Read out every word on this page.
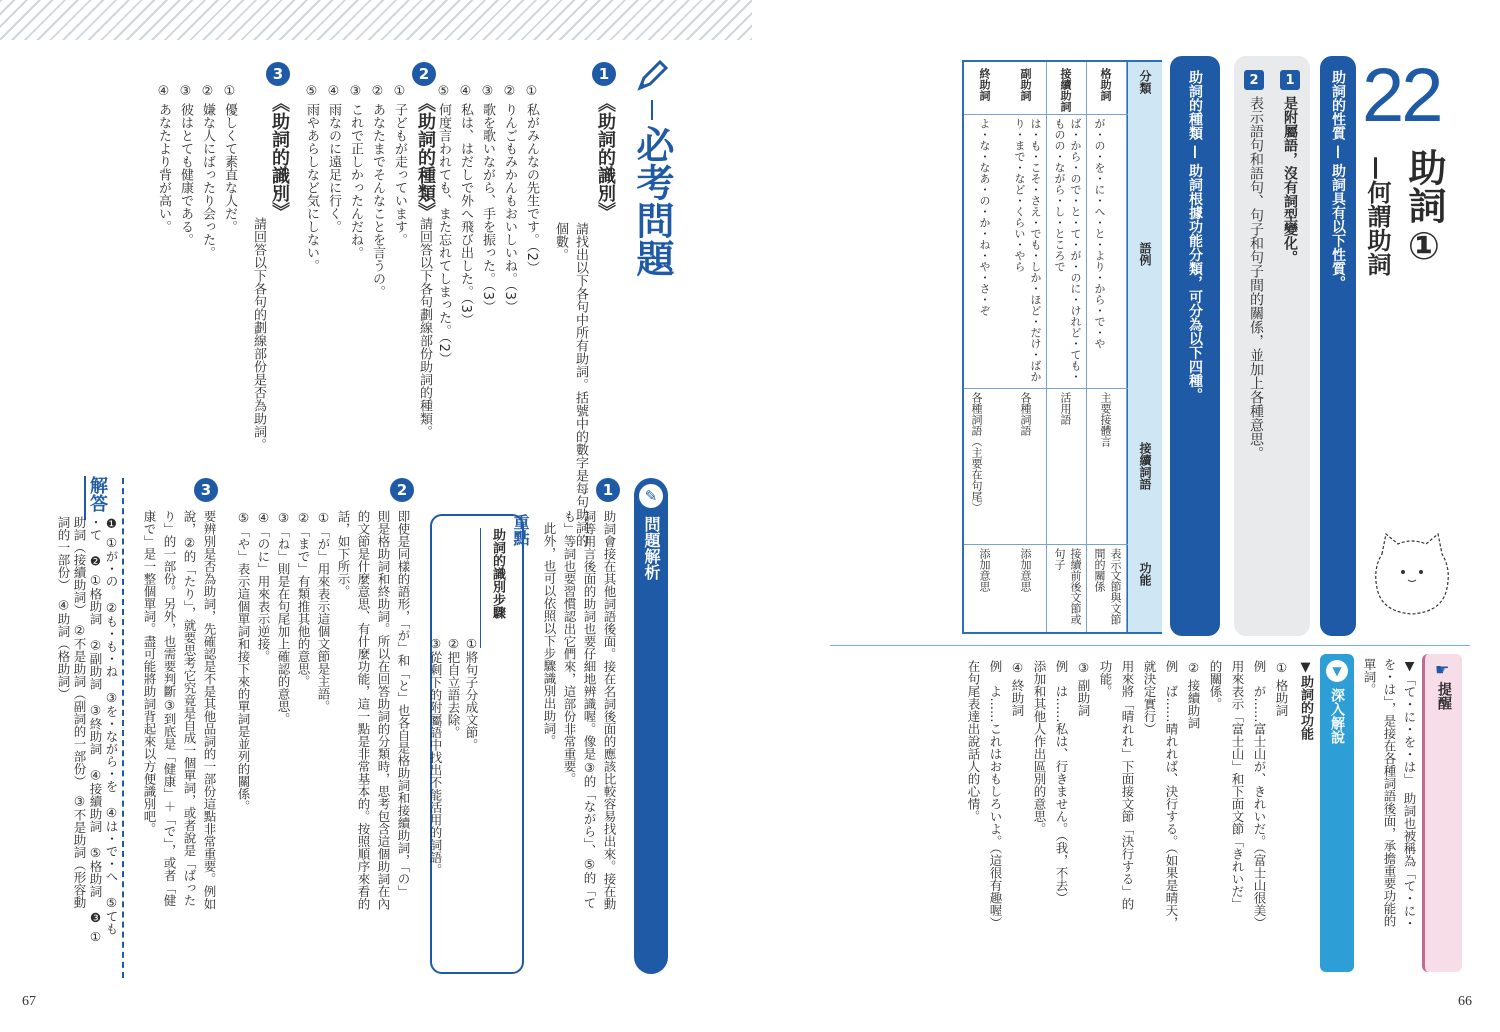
必考問題
1
《助詞的識別》
請找出以下各句中所有助詞。括號中的數字是每句助詞的個數。
① 私がみんなの先生です。（2）
② りんごもみかんもおいしいね。（3）
③ 歌を歌いながら、手を振った。（3）
④ 私は、はだしで外へ飛び出した。（3）
⑤ 何度言われても、また忘れてしまった。（2）
2
《助詞的種類》
請回答以下各句劃線部份助詞的種類。
① 子どもが走っています。
② あなたまでそんなことを言うの。
③ これで正しかったんだね。
④ 雨なのに遠足に行く。
⑤ 雨やあらしなど気にしない。
3
《助詞的識別》
請回答以下各句的劃線部份是否為助詞。
① 優しくて素直な人だ。
② 嫌な人にばったり会った。
③ 彼はとても健康である。
④ あなたより背が高い。
✎
問題解析
1
助詞會接在其他詞語後面。接在名詞後面的應該比較容易找出來。接在動
詞等用言後面的助詞也要仔細地辨識喔。像是③的「ながら」、⑤的「て
も」等詞也要習慣認出它們來，這部份非常重要。
此外，也可以依照以下步驟識別出助詞。
重點
助詞的識別步驟
①將句子分成文節。
②把自立語去除。
③從剩下的附屬語中找出不能活用的詞語。
2
即使是同樣的語形，「が」和「と」也各自是格助詞和接續助詞，「の」
則是格助詞和終助詞。所以在回答助詞的分類時，思考包含這個助詞在內
的文節是什麼意思、有什麼功能，這一點是非常基本的。按照順序來看的
話，如下所示。
①「が」用來表示這個文節是主語。
②「まで」有類推其他的意思。
③「ね」則是在句尾加上確認的意思。
④「のに」用來表示逆接。
⑤「や」表示這個單詞和接下來的單詞是並列的關係。
3
要辨別是否為助詞，先確認是不是其他品詞的一部份這點非常重要。例如
說，②的「たり」，就要思考它究竟是自成一個單詞，或者說是「ばった
り」的一部份。另外，也需要判斷③到底是「健康」＋「で」，或者「健
康で」是一整個單詞。盡可能將助詞背起來以方便識別吧。
解答
❶ ①が・の　②も・も・ね　③を・ながら・を　④は・で・へ　⑤ても
・て　❷ ①格助詞　②副助詞　③終助詞　④接續助詞　⑤格助詞　❸ ①
助詞（接續助詞）　②不是助詞（副詞的一部份）　③不是助詞（形容動
詞的一部份）　④助詞（格助詞）
67
22
助詞①
—何謂助詞
助詞的性質 — 助詞具有以下性質。
1
是附屬語，沒有詞型變化。
2
表示語句和語句、句子和句子間的關係，並加上各種意思。
助詞的種類 — 助詞根據功能分類，可分為以下四種。
分類
語例
接續詞語
功能
格助詞
が・の・を・に・へ・と・より・から・で・や
主要接體言
表示文節與文節間的關係
接續助詞
ば・から・ので・と・て・が・のに・けれど・ても・ものの・ながら・し・ところで
活用語
接續前後文節或句子
副助詞
は・も・こそ・さえ・でも・しか・ほど・だけ・ばかり・まで・など・くらい・やら
各種詞語
添加意思
終助詞
よ・な・なあ・の・か・ね・や・さ・ぞ
各種詞語（主要在句尾）
添加意思
☛
提醒
▼「て・に・を・は」　助詞也被稱為「て・に・
を・は」，是接在各種詞語後面，承擔重要功能的
單詞。
▼
深入解說
▼助詞的功能
① 格助詞
例　が……富士山が、きれいだ。（富士山很美）
用來表示「富士山」和下面文節「きれいだ」
的關係。
② 接續助詞
例　ば……晴れれば、決行する。（如果是晴天，
就決定實行）
用來將「晴れれ」下面接文節「決行する」的
功能。
③ 副助詞
例　は……私は、行きません。（我，不去）
添加和其他人作出區別的意思。
④ 終助詞
例　よ……これはおもしろいよ。（這很有趣喔）
在句尾表達出說話人的心情。
66
